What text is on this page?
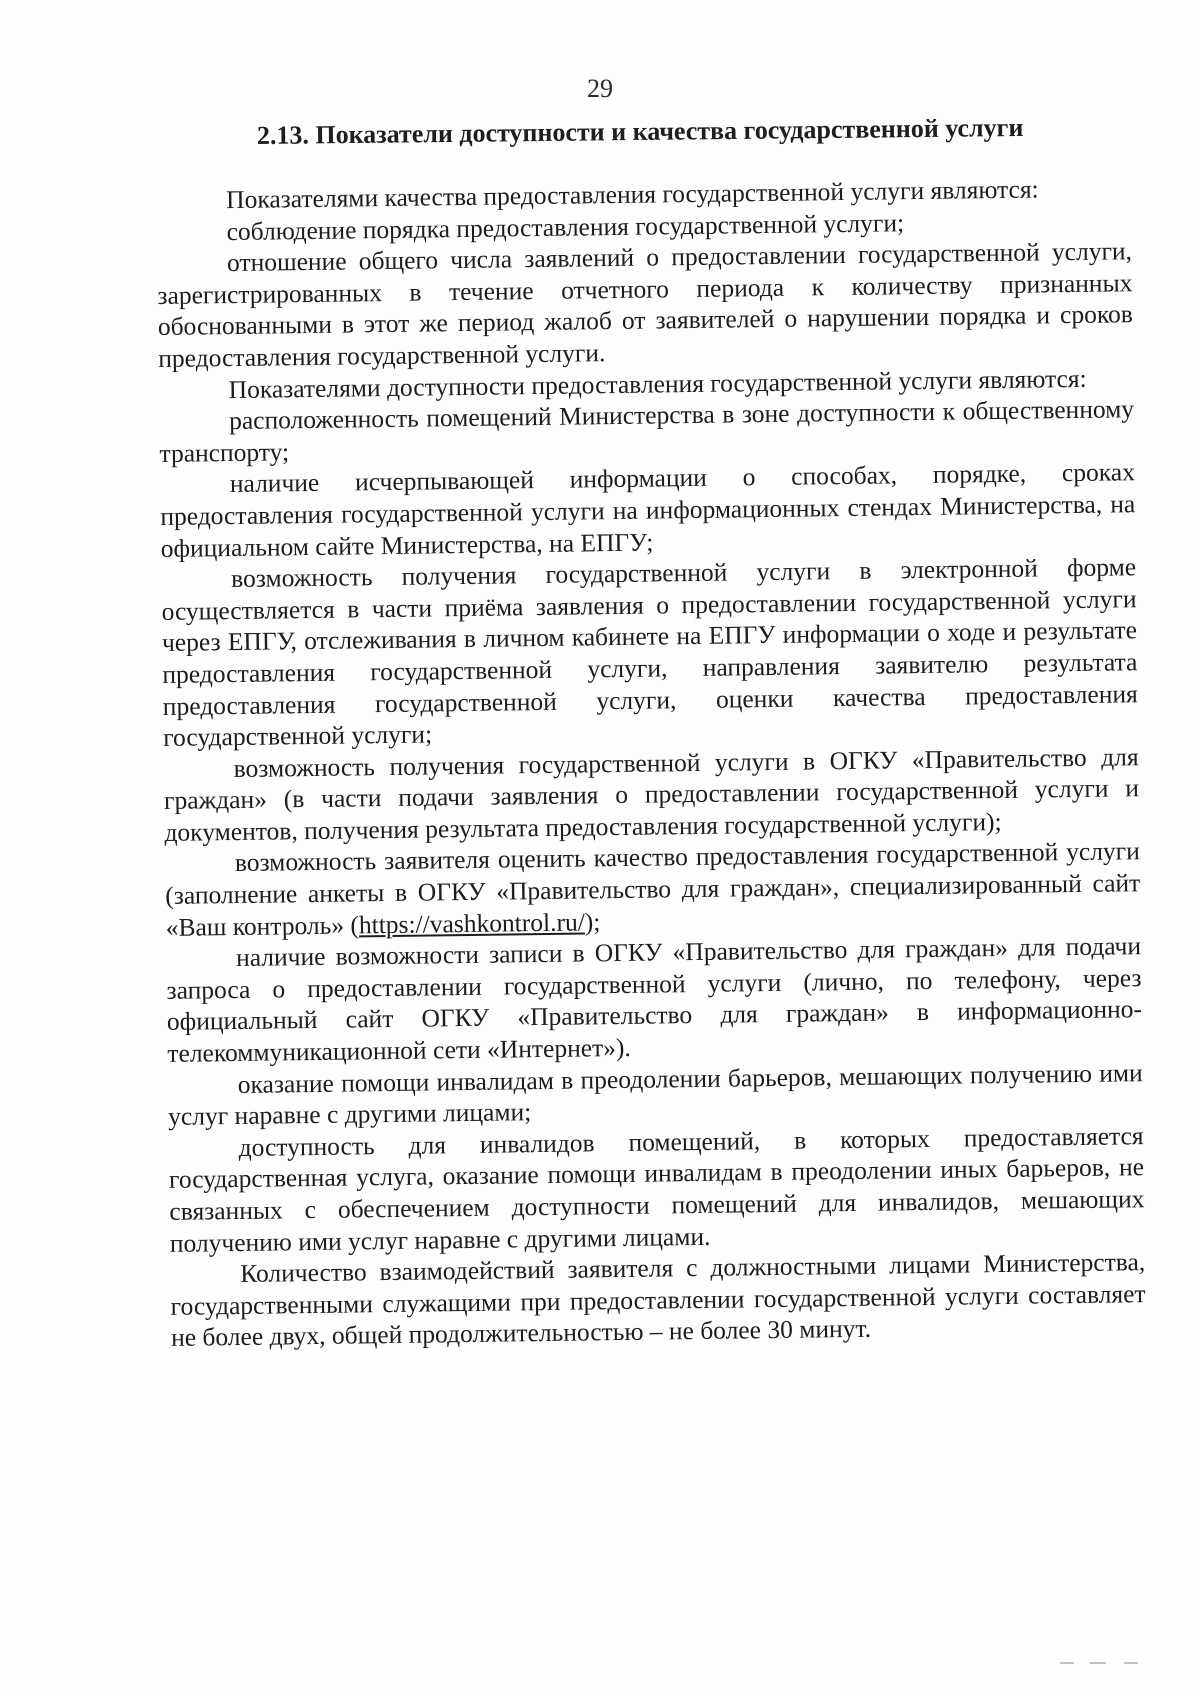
29
2.13. Показатели доступности и качества государственной услуги

Показателями качества предоставления государственной услуги являются:

соблюдение порядка предоставления государственной услуги;

отношение общего числа заявлений о предоставлении государственной услуги, зарегистрированных в течение отчетного периода к количеству признанных обоснованными в этот же период жалоб от заявителей о нарушении порядка и сроков предоставления государственной услуги.

Показателями доступности предоставления государственной услуги являются:

расположенность помещений Министерства в зоне доступности к общественному транспорту;

наличие исчерпывающей информации о способах, порядке, сроках предоставления государственной услуги на информационных стендах Министерства, на официальном сайте Министерства, на ЕПГУ;

возможность получения государственной услуги в электронной форме осуществляется в части приёма заявления о предоставлении государственной услуги через ЕПГУ, отслеживания в личном кабинете на ЕПГУ информации о ходе и результате предоставления государственной услуги, направления заявителю результата предоставления государственной услуги, оценки качества предоставления государственной услуги;

возможность получения государственной услуги в ОГКУ «Правительство для граждан» (в части подачи заявления о предоставлении государственной услуги и документов, получения результата предоставления государственной услуги);

возможность заявителя оценить качество предоставления государственной услуги (заполнение анкеты в ОГКУ «Правительство для граждан», специализированный сайт «Ваш контроль» (https://vashkontrol.ru/);

наличие возможности записи в ОГКУ «Правительство для граждан» для подачи запроса о предоставлении государственной услуги (лично, по телефону, через официальный сайт ОГКУ «Правительство для граждан» в информационно-телекоммуникационной сети «Интернет»).

оказание помощи инвалидам в преодолении барьеров, мешающих получению ими услуг наравне с другими лицами;

доступность для инвалидов помещений, в которых предоставляется государственная услуга, оказание помощи инвалидам в преодолении иных барьеров, не связанных с обеспечением доступности помещений для инвалидов, мешающих получению ими услуг наравне с другими лицами.

Количество взаимодействий заявителя с должностными лицами Министерства, государственными служащими при предоставлении государственной услуги составляет не более двух, общей продолжительностью – не более 30 минут.
